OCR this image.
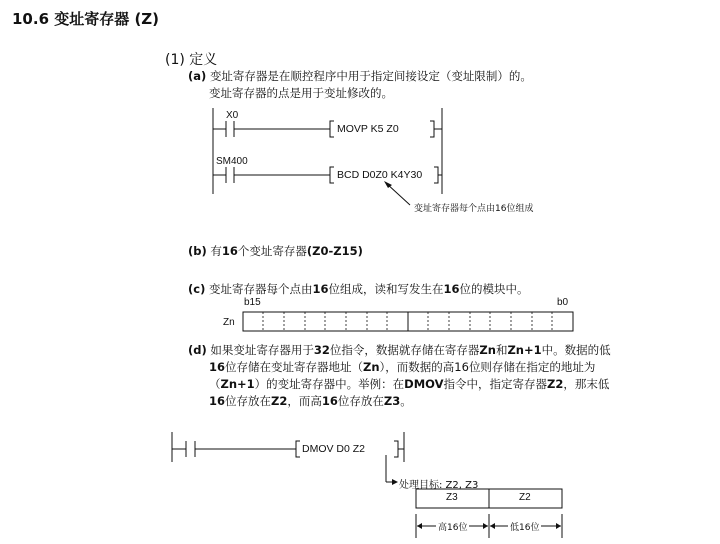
10.6 变址寄存器 (Z)
(1) 定义
(a) 变址寄存器是在顺控程序中用于指定间接设定（变址限制）的。
变址寄存器的点是用于变址修改的。
X0
MOVP K5 Z0
SM400
BCD D0Z0 K4Y30
变址寄存器每个点由16位组成
(b) 有16个变址寄存器(Z0-Z15)
(c) 变址寄存器每个点由16位组成，读和写发生在16位的模块中。
b15	b0
Zn
(d) 如果变址寄存器用于32位指令，数据就存储在寄存器Zn和Zn+1中。数据的低
16位存储在变址寄存器地址（Zn），而数据的高16位则存储在指定的地址为
（Zn+1）的变址寄存器中。举例：在DMOV指令中，指定寄存器Z2，那末低
16位存放在Z2，而高16位存放在Z3。
DMOV D0 Z2
处理目标: Z2, Z3
Z3	Z2
高16位	低16位
